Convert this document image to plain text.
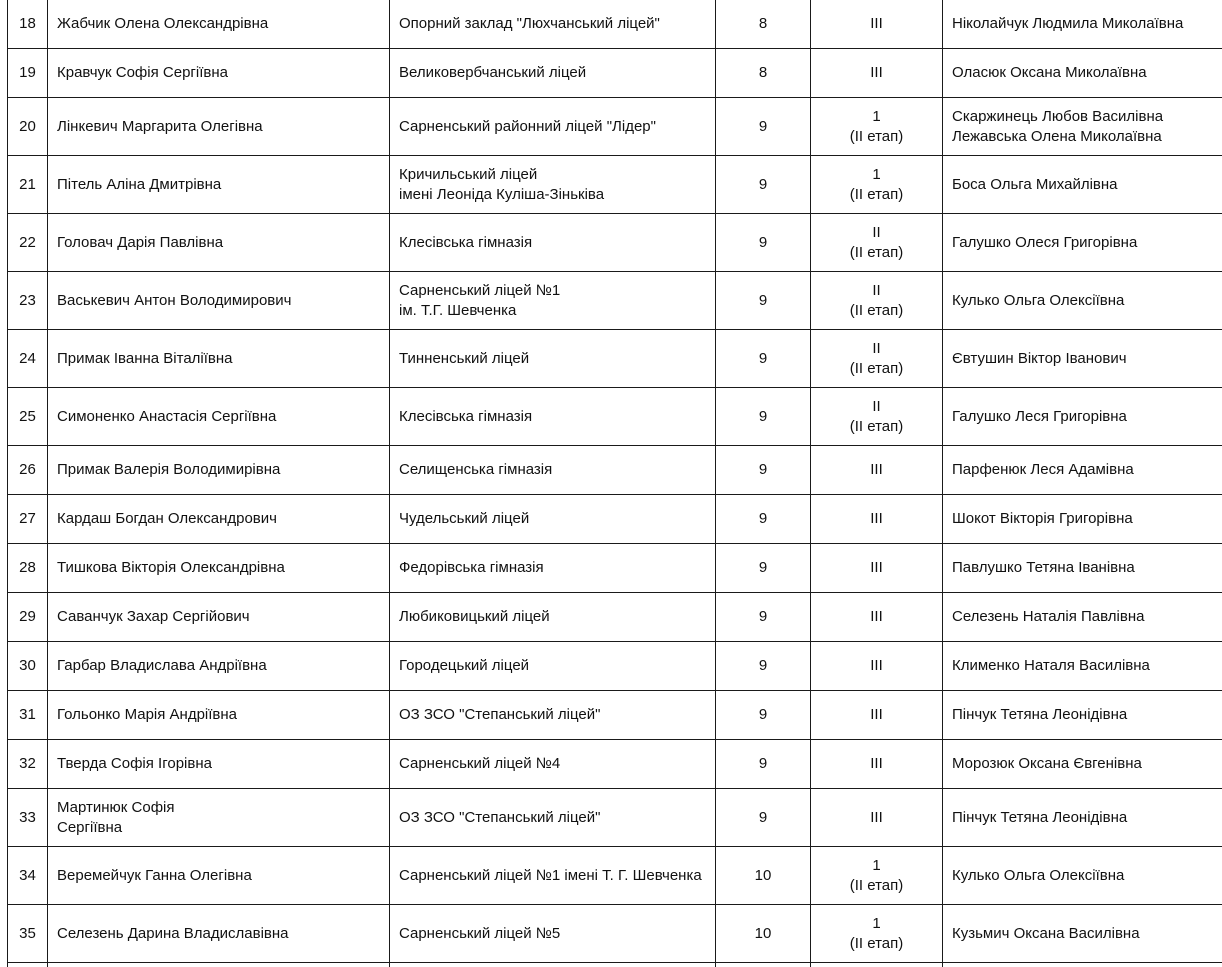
18	Жабчик Олена Олександрівна	Опорний заклад "Люхчанський ліцей"	8	III	Ніколайчук Людмила Миколаївна

19	Кравчук Софія Сергіївна	Великовербчанський ліцей	8	III	Оласюк Оксана Миколаївна

20	Лінкевич Маргарита Олегівна	Сарненський районний ліцей "Лідер"	9	1
(II етап)	Скаржинець Любов Василівна
Лежавська Олена Миколаївна

21	Пітель Аліна Дмитрівна	Кричильський ліцей
імені Леоніда Куліша-Зіньківа	9	1
(II етап)	Боса Ольга Михайлівна

22	Головач Дарія Павлівна	Клесівська гімназія	9	II
(II етап)	Галушко Олеся Григорівна

23	Васькевич Антон Володимирович	Сарненський ліцей №1
ім. Т.Г. Шевченка	9	II
(II етап)	Кулько Ольга Олексіївна

24	Примак Іванна Віталіївна	Тинненський ліцей	9	II
(II етап)	Євтушин Віктор Іванович

25	Симоненко Анастасія Сергіївна	Клесівська гімназія	9	II
(II етап)	Галушко Леся Григорівна

26	Примак Валерія Володимирівна	Селищенська гімназія	9	III	Парфенюк Леся Адамівна

27	Кардаш Богдан Олександрович	Чудельський ліцей	9	III	Шокот Вікторія Григорівна

28	Тишкова Вікторія Олександрівна	Федорівська гімназія	9	III	Павлушко Тетяна Іванівна

29	Саванчук Захар Сергійович	Любиковицький ліцей	9	III	Селезень Наталія Павлівна

30	Гарбар Владислава Андріївна	Городецький ліцей	9	III	Клименко Наталя Василівна

31	Гольонко Марія Андріївна	ОЗ ЗСО "Степанський ліцей"	9	III	Пінчук Тетяна Леонідівна

32	Тверда Софія Ігорівна	Сарненський ліцей №4	9	III	Морозюк Оксана Євгенівна

33	Мартинюк Софія
Сергіївна	ОЗ ЗСО "Степанський ліцей"	9	III	Пінчук Тетяна Леонідівна

34	Веремейчук Ганна Олегівна	Сарненський ліцей №1 імені Т. Г. Шевченка	10	1
(II етап)	Кулько Ольга Олексіївна

35	Селезень Дарина Владиславівна	Сарненський ліцей №5	10	1
(II етап)	Кузьмич Оксана Василівна
